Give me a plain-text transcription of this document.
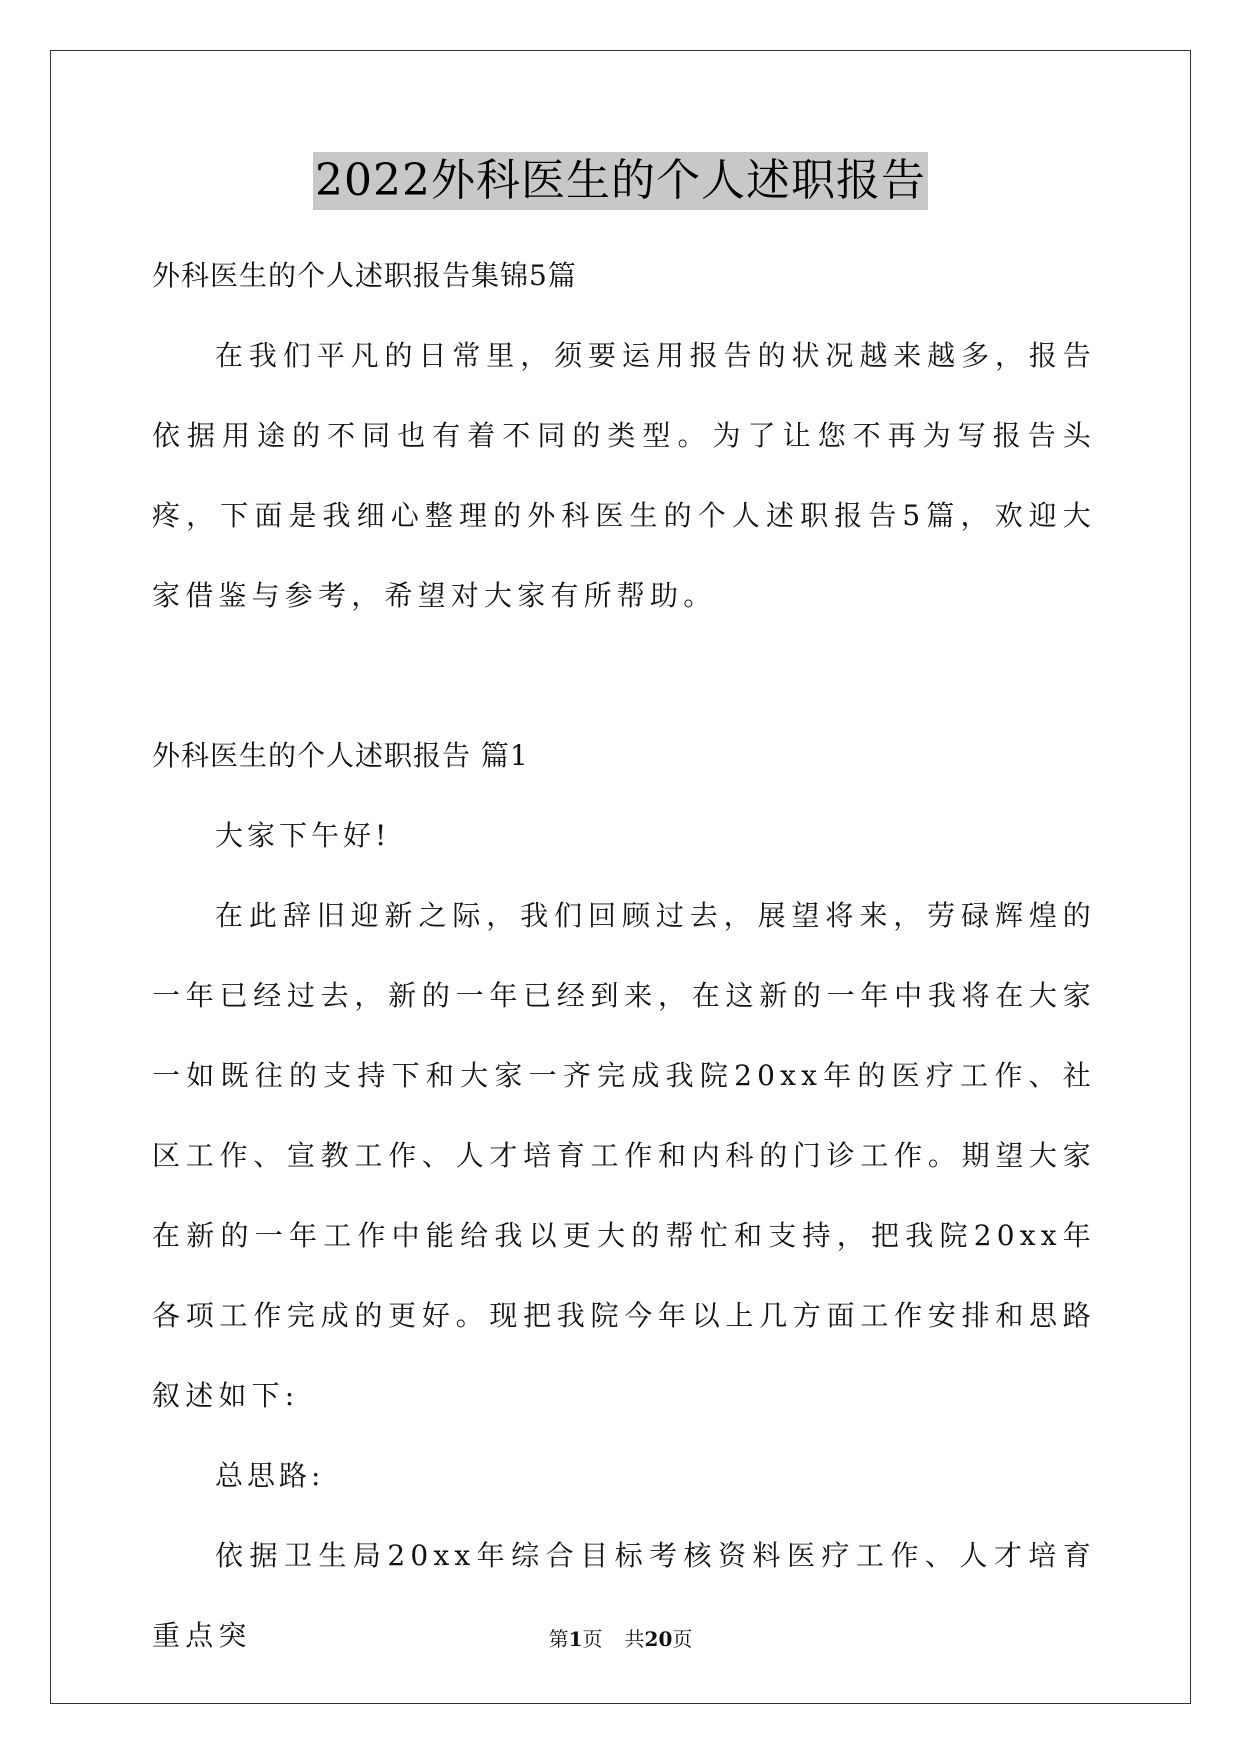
2022外科医生的个人述职报告

外科医生的个人述职报告集锦5篇

在我们平凡的日常里，须要运用报告的状况越来越多，报告依据用途的不同也有着不同的类型。为了让您不再为写报告头疼，下面是我细心整理的外科医生的个人述职报告5篇，欢迎大家借鉴与参考，希望对大家有所帮助。

外科医生的个人述职报告 篇1

大家下午好!

在此辞旧迎新之际，我们回顾过去，展望将来，劳碌辉煌的一年已经过去，新的一年已经到来，在这新的一年中我将在大家一如既往的支持下和大家一齐完成我院20xx年的医疗工作、社区工作、宣教工作、人才培育工作和内科的门诊工作。期望大家在新的一年工作中能给我以更大的帮忙和支持，把我院20xx年各项工作完成的更好。现把我院今年以上几方面工作安排和思路叙述如下:

总思路:

依据卫生局20xx年综合目标考核资料医疗工作、人才培育重点突	第1页 共20页
